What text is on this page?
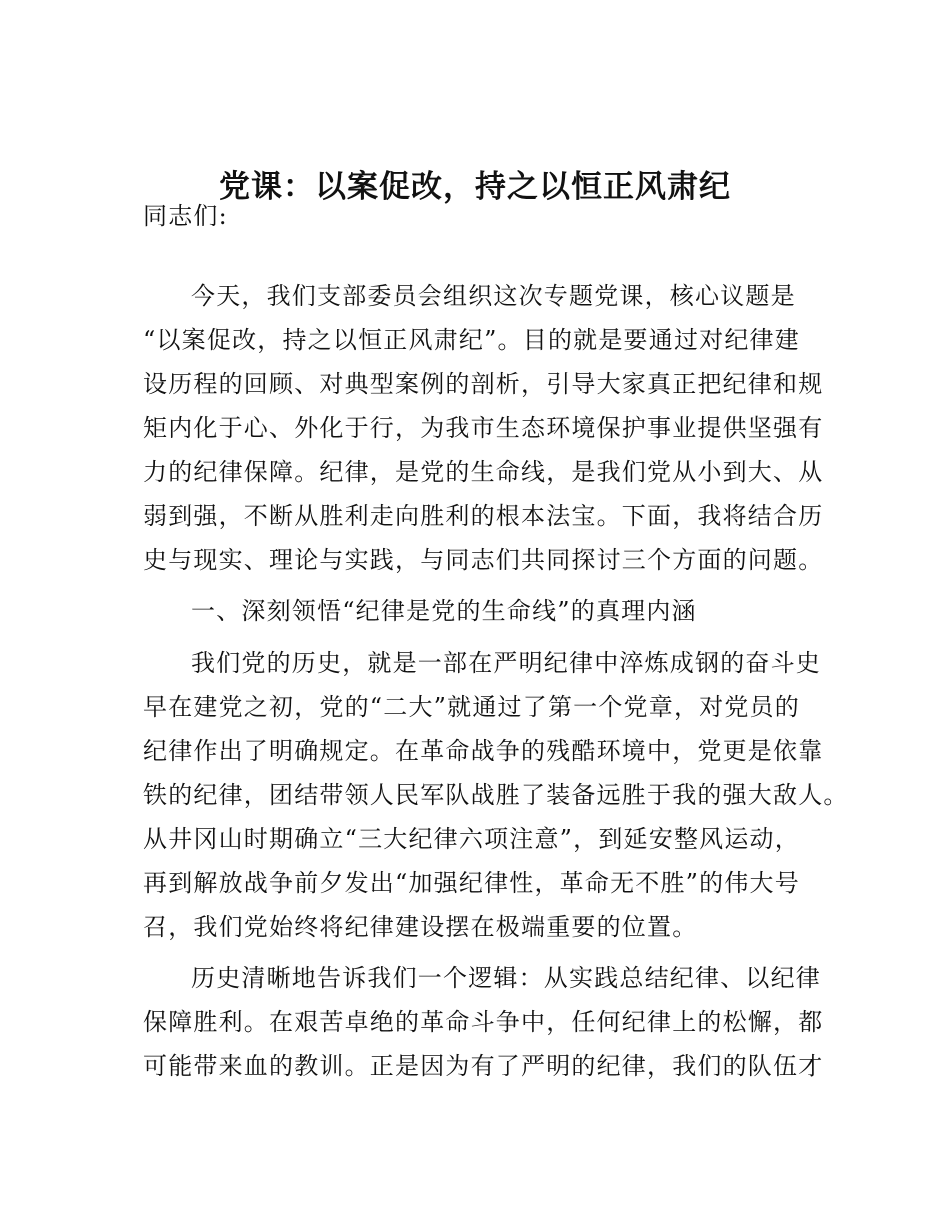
党课：以案促改，持之以恒正风肃纪

同志们:

今天，我们支部委员会组织这次专题党课，核心议题是

“以案促改，持之以恒正风肃纪”。目的就是要通过对纪律建

设历程的回顾、对典型案例的剖析，引导大家真正把纪律和规

矩内化于心、外化于行，为我市生态环境保护事业提供坚强有

力的纪律保障。纪律，是党的生命线，是我们党从小到大、从

弱到强，不断从胜利走向胜利的根本法宝。下面，我将结合历

史与现实、理论与实践，与同志们共同探讨三个方面的问题。

一、深刻领悟“纪律是党的生命线”的真理内涵

我们党的历史，就是一部在严明纪律中淬炼成钢的奋斗史

早在建党之初，党的“二大”就通过了第一个党章，对党员的

纪律作出了明确规定。在革命战争的残酷环境中，党更是依靠

铁的纪律，团结带领人民军队战胜了装备远胜于我的强大敌人。

从井冈山时期确立“三大纪律六项注意”，到延安整风运动，

再到解放战争前夕发出“加强纪律性，革命无不胜”的伟大号

召，我们党始终将纪律建设摆在极端重要的位置。

历史清晰地告诉我们一个逻辑：从实践总结纪律、以纪律

保障胜利。在艰苦卓绝的革命斗争中，任何纪律上的松懈，都

可能带来血的教训。正是因为有了严明的纪律，我们的队伍才
